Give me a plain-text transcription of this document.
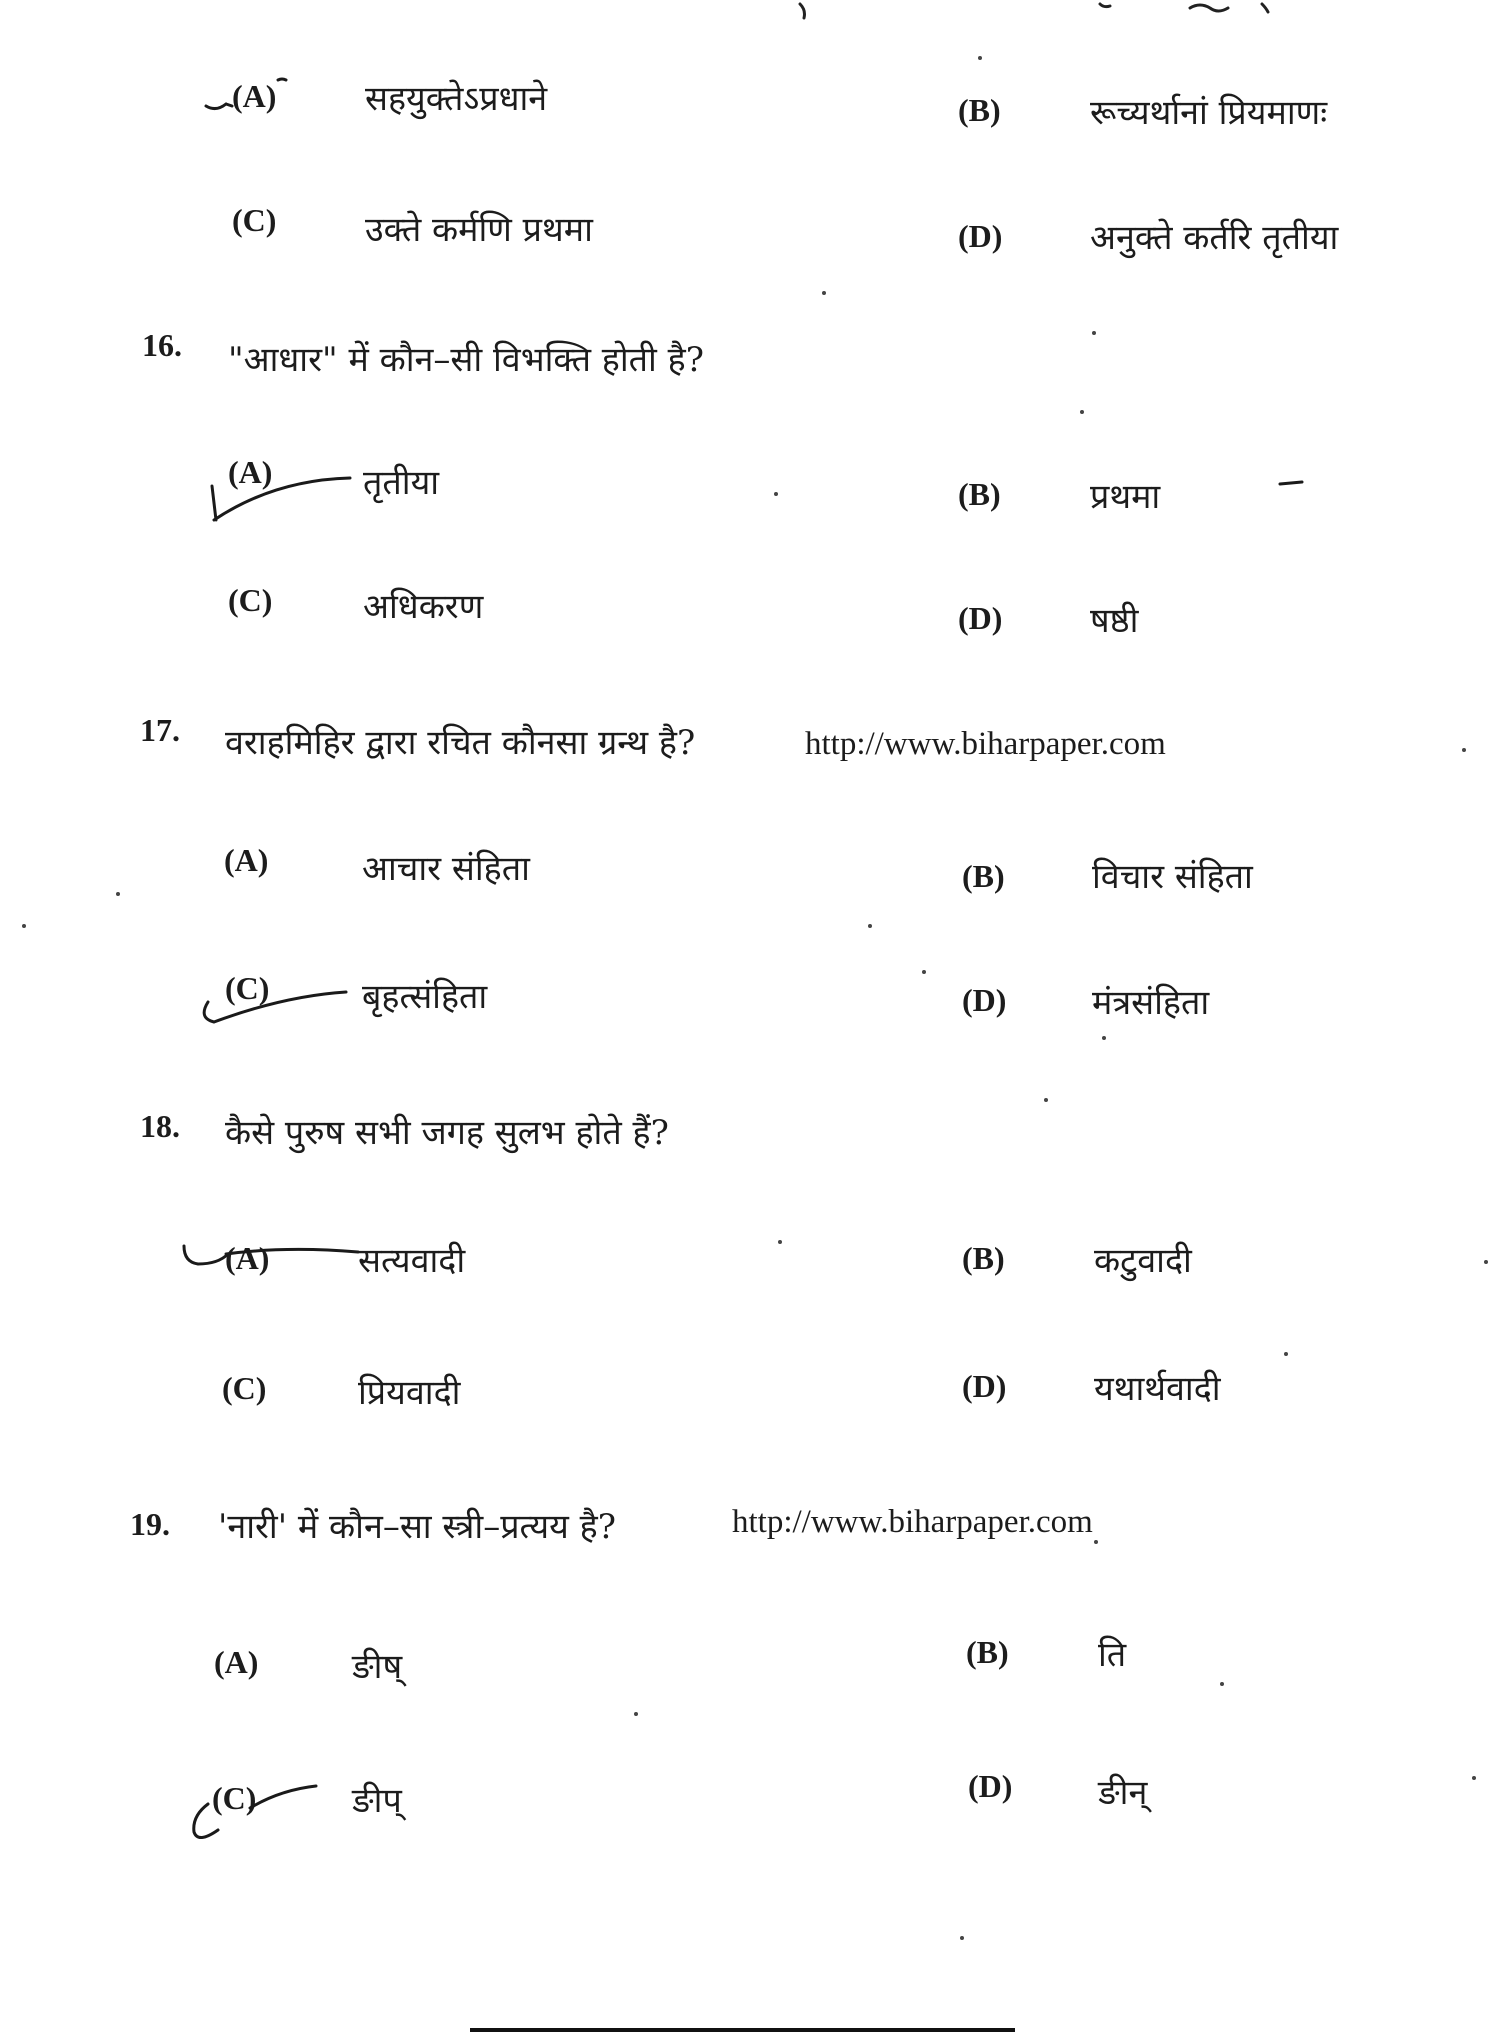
(A)	सहयुक्तेऽप्रधाने	(B)	रूच्यर्थानां प्रियमाणः
(C)	उक्ते कर्मणि प्रथमा	(D)	अनुक्ते कर्तरि तृतीया
16. "आधार" में कौन–सी विभक्ति होती है?
(A)	तृतीया	(B)	प्रथमा
(C)	अधिकरण	(D)	षष्ठी
17. वराहमिहिर द्वारा रचित कौनसा ग्रन्थ है?	http://www.biharpaper.com
(A)	आचार संहिता	(B)	विचार संहिता
(C)	बृहत्संहिता	(D)	मंत्रसंहिता
18. कैसे पुरुष सभी जगह सुलभ होते हैं?
(A)	सत्यवादी	(B)	कटुवादी
(C)	प्रियवादी	(D)	यथार्थवादी
19. 'नारी' में कौन–सा स्त्री–प्रत्यय है?	http://www.biharpaper.com
(A)	ङीष्	(B)	ति
(C)	ङीप्	(D)	ङीन्
